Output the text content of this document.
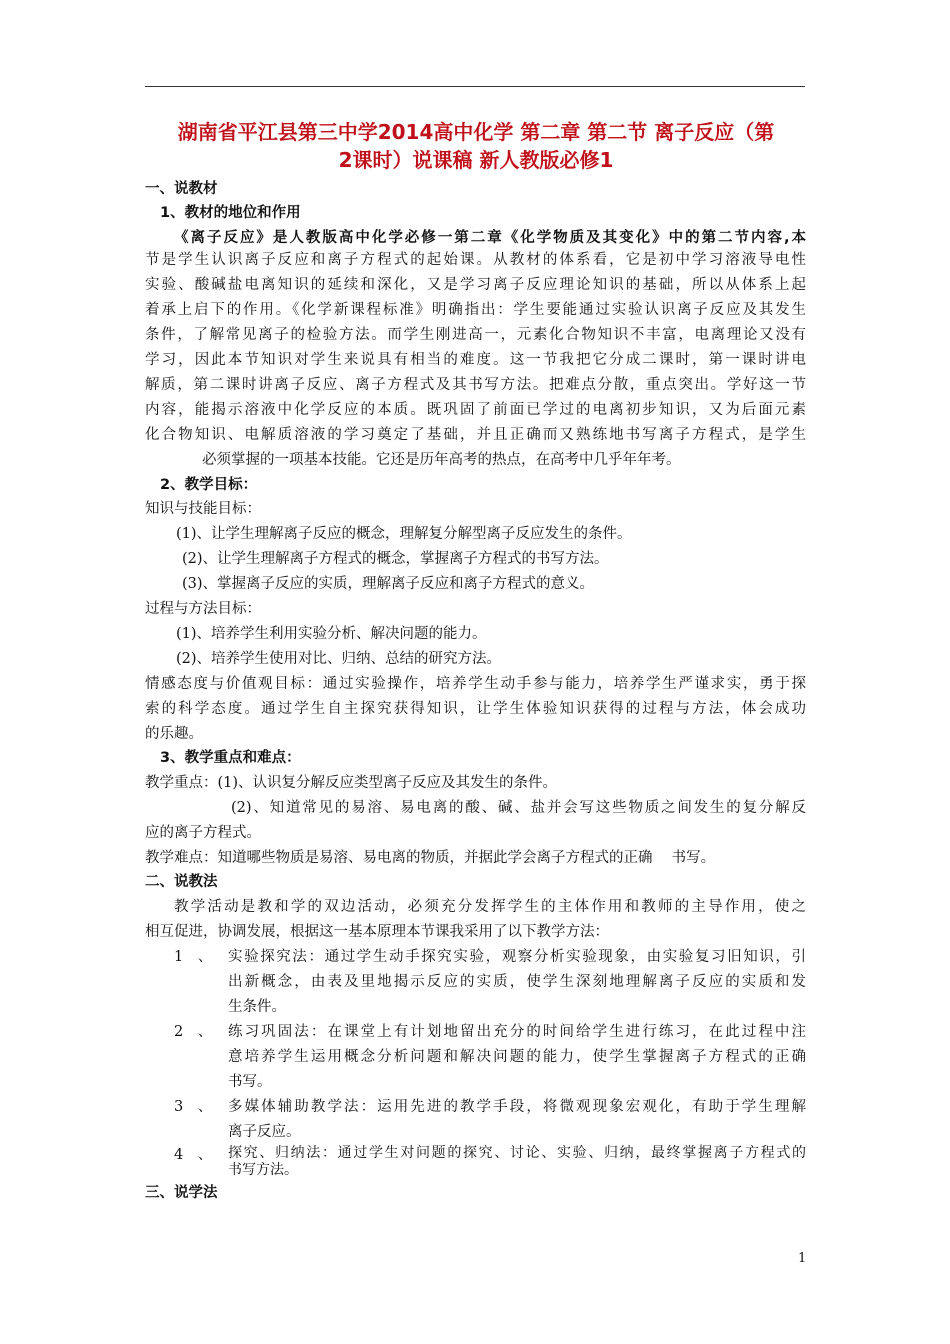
湖南省平江县第三中学2014高中化学 第二章 第二节 离子反应（第
2课时）说课稿 新人教版必修1
一、说教材
1、教材的地位和作用
《离子反应》是人教版高中化学必修一第二章《化学物质及其变化》中的第二节内容,本
节是学生认识离子反应和离子方程式的起始课。从教材的体系看，它是初中学习溶液导电性
实验、酸碱盐电离知识的延续和深化，又是学习离子反应理论知识的基础，所以从体系上起
着承上启下的作用。《化学新课程标准》明确指出：学生要能通过实验认识离子反应及其发生
条件，了解常见离子的检验方法。而学生刚进高一，元素化合物知识不丰富，电离理论又没有
学习，因此本节知识对学生来说具有相当的难度。这一节我把它分成二课时，第一课时讲电
解质，第二课时讲离子反应、离子方程式及其书写方法。把难点分散，重点突出。学好这一节
内容，能揭示溶液中化学反应的本质。既巩固了前面已学过的电离初步知识，又为后面元素
化合物知识、电解质溶液的学习奠定了基础，并且正确而又熟练地书写离子方程式，是学生
必须掌握的一项基本技能。它还是历年高考的热点，在高考中几乎年年考。
2、教学目标：
知识与技能目标：
(1)、让学生理解离子反应的概念，理解复分解型离子反应发生的条件。
(2)、让学生理解离子方程式的概念，掌握离子方程式的书写方法。
(3)、掌握离子反应的实质，理解离子反应和离子方程式的意义。
过程与方法目标：
(1)、培养学生利用实验分析、解决问题的能力。
(2)、培养学生使用对比、归纳、总结的研究方法。
情感态度与价值观目标：通过实验操作，培养学生动手参与能力，培养学生严谨求实，勇于探
索的科学态度。通过学生自主探究获得知识，让学生体验知识获得的过程与方法，体会成功
的乐趣。
3、教学重点和难点：
教学重点：(1)、认识复分解反应类型离子反应及其发生的条件。
(2)、知道常见的易溶、易电离的酸、碱、盐并会写这些物质之间发生的复分解反
应的离子方程式。
教学难点：知道哪些物质是易溶、易电离的物质，并据此学会离子方程式的正确　 书写。
二、说教法
教学活动是教和学的双边活动，必须充分发挥学生的主体作用和教师的主导作用，使之
相互促进，协调发展，根据这一基本原理本节课我采用了以下教学方法：
1　、 实验探究法：通过学生动手探究实验，观察分析实验现象，由实验复习旧知识，引
出新概念，由表及里地揭示反应的实质，使学生深刻地理解离子反应的实质和发
生条件。
2　、 练习巩固法：在课堂上有计划地留出充分的时间给学生进行练习，在此过程中注
意培养学生运用概念分析问题和解决问题的能力，使学生掌握离子方程式的正确
书写。
3　、 多媒体辅助教学法：运用先进的教学手段，将微观现象宏观化，有助于学生理解
离子反应。
4　、 探究、归纳法：通过学生对问题的探究、讨论、实验、归纳，最终掌握离子方程式的
书写方法。
三、说学法
1
